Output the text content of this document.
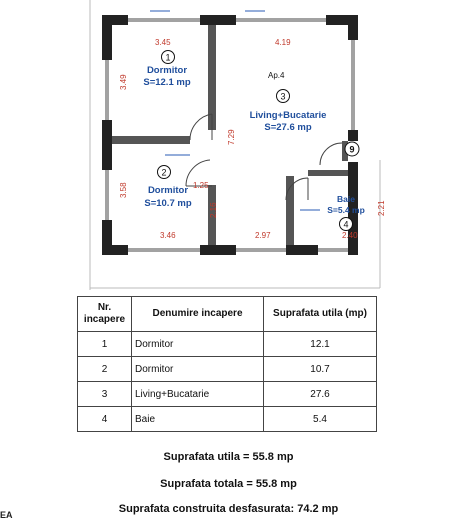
3.45	4.19
3.49
7.29
3.58	1.25
2.16
3.46	2.97	2.40
2.21
Ap.4
1
Dormitor
S=12.1 mp
3
Living+Bucatarie
S=27.6 mp
2
Dormitor
S=10.7 mp	Baie
S=5.4 mp
4
9
Nr. incapere	Denumire incapere	Suprafata utila (mp)
1	Dormitor	12.1
2	Dormitor	10.7
3	Living+Bucatarie	27.6
4	Baie	5.4
Suprafata utila = 55.8 mp
Suprafata totala = 55.8 mp
Suprafata construita desfasurata: 74.2 mp
EA
